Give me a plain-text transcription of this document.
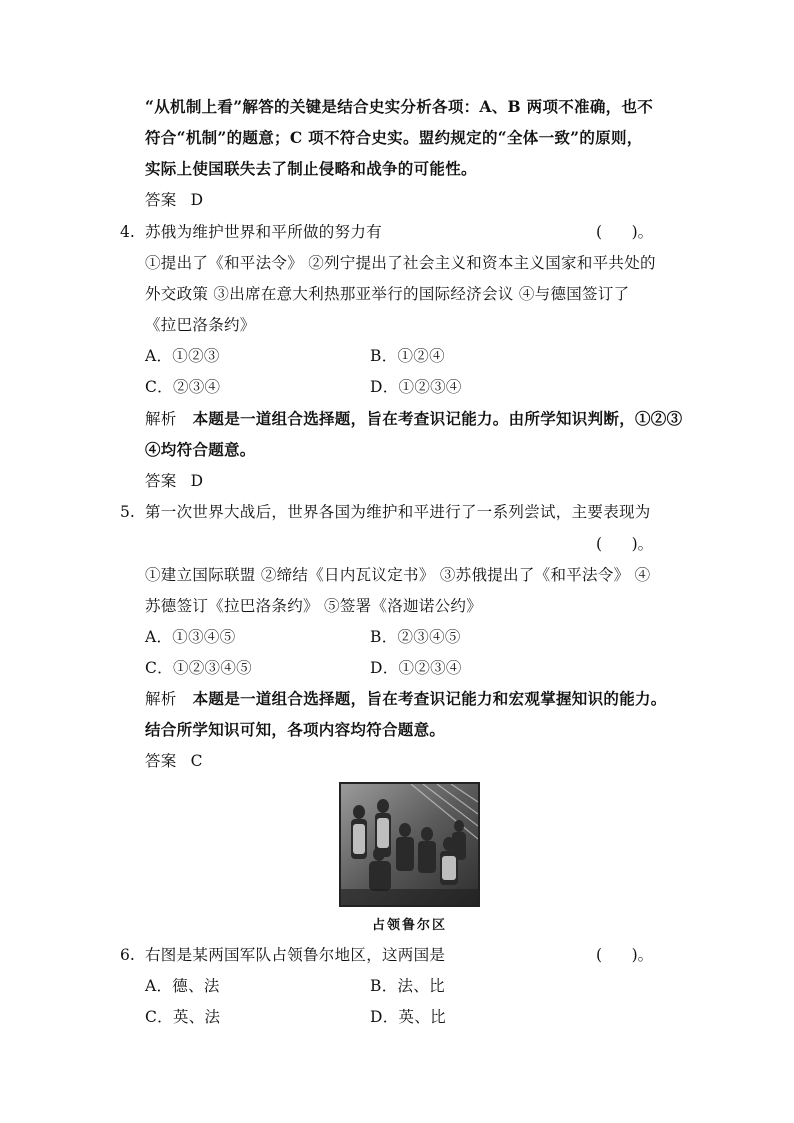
“从机制上看”解答的关键是结合史实分析各项：A、B 两项不准确，也不
符合“机制”的题意；C 项不符合史实。盟约规定的“全体一致”的原则，
实际上使国联失去了制止侵略和战争的可能性。
答案 D
4. 苏俄为维护世界和平所做的努力有	(      )。
①提出了《和平法令》 ②列宁提出了社会主义和资本主义国家和平共处的
外交政策 ③出席在意大利热那亚举行的国际经济会议 ④与德国签订了
《拉巴洛条约》
A．①②③	B．①②④
C．②③④	D．①②③④
解析 本题是一道组合选择题，旨在考查识记能力。由所学知识判断，①②③
④均符合题意。
答案 D
5. 第一次世界大战后，世界各国为维护和平进行了一系列尝试，主要表现为
(      )。
①建立国际联盟 ②缔结《日内瓦议定书》 ③苏俄提出了《和平法令》 ④
苏德签订《拉巴洛条约》 ⑤签署《洛迦诺公约》
A．①③④⑤	B．②③④⑤
C．①②③④⑤	D．①②③④
解析 本题是一道组合选择题，旨在考查识记能力和宏观掌握知识的能力。
结合所学知识可知，各项内容均符合题意。
答案 C
占领鲁尔区
6. 右图是某两国军队占领鲁尔地区，这两国是	(      )。
A．德、法	B．法、比
C．英、法	D．英、比
